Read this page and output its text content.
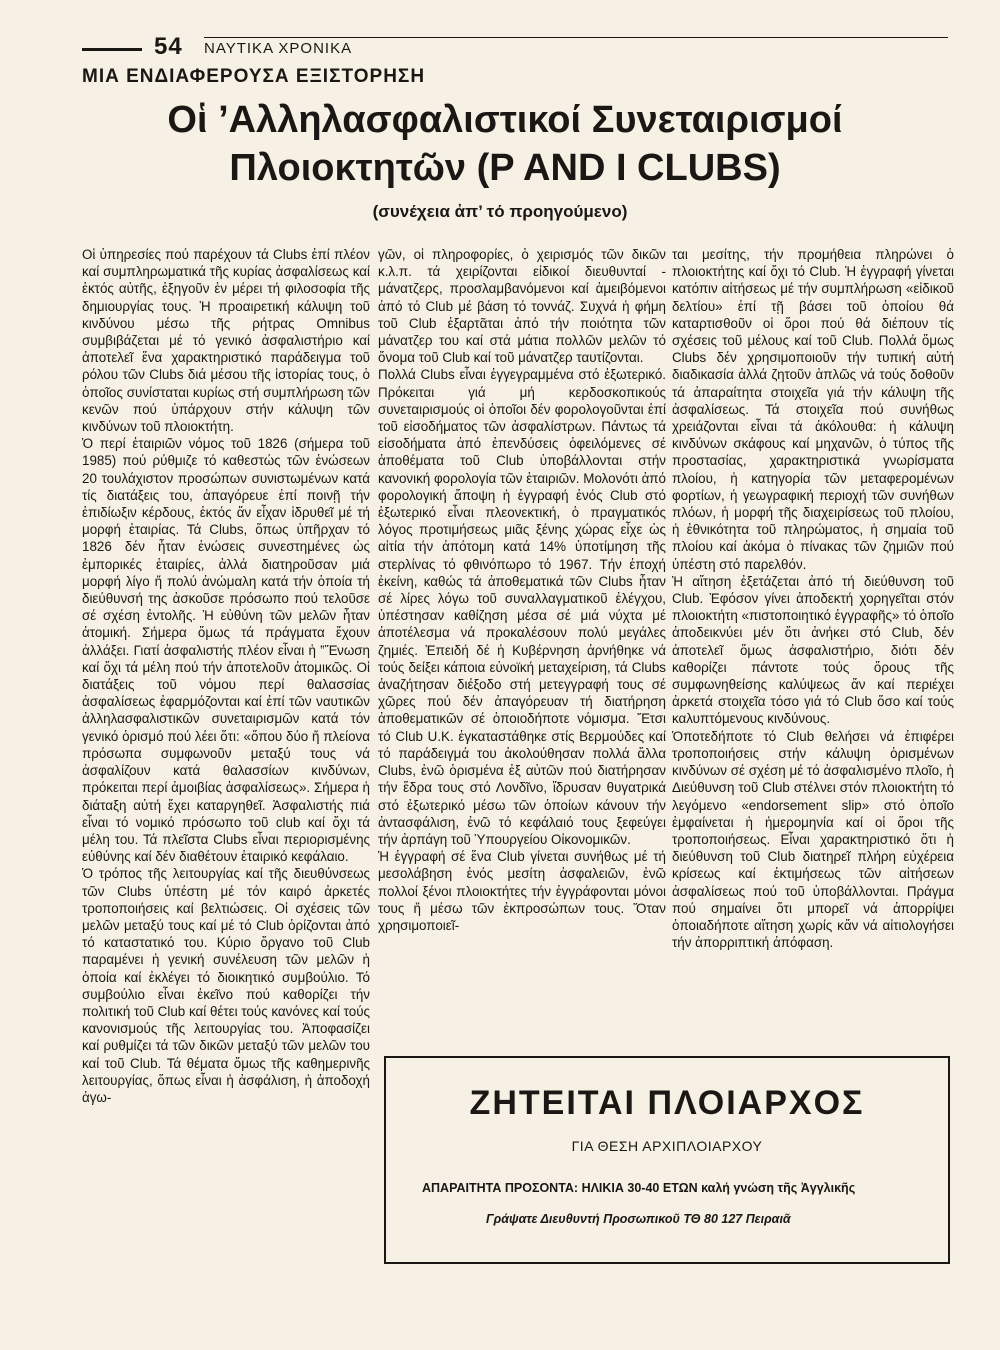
54 ΝΑΥΤΙΚΑ ΧΡΟΝΙΚΑ
ΜΙΑ ΕΝΔΙΑΦΕΡΟΥΣΑ ΕΞΙΣΤΟΡΗΣΗ
Οἱ ’Αλληλασφαλιστικοί Συνεταιρισμοί
Πλοιοκτητῶν (P AND I CLUBS)
(συνέχεια ἀπ’ τό προηγούμενο)

Οἱ ὑπηρεσίες πού παρέχουν τά Clubs ἐπί πλέον καί συμπληρωματικά τῆς κυρίας ἀσφαλίσεως καί ἐκτός αὐτῆς, ἐξηγοῦν ἐν μέρει τή φιλοσοφία τῆς δημιουργίας τους. Ἡ προαιρετική κάλυψη τοῦ κινδύνου μέσω τῆς ρήτρας Omnibus συμβιβάζεται μέ τό γενικό ἀσφαλιστήριο καί ἀποτελεῖ ἕνα χαρακτηριστικό παράδειγμα τοῦ ρόλου τῶν Clubs διά μέσου τῆς ἱστορίας τους, ὁ ὁποῖος συνίσταται κυρίως στή συμπλήρωση τῶν κενῶν πού ὑπάρχουν στήν κάλυψη τῶν κινδύνων τοῦ πλοιοκτήτη.

Ὁ περί ἑταιριῶν νόμος τοῦ 1826 (σήμερα τοῦ 1985) πού ρύθμιζε τό καθεστώς τῶν ἑνώσεων 20 τουλάχιστον προσώπων συνιστωμένων κατά τίς διατάξεις του, ἀπαγόρευε ἐπί ποινῇ τήν ἐπιδίωξιν κέρδους, ἐκτός ἄν εἶχαν ἱδρυθεῖ μέ τή μορφή ἑταιρίας. Τά Clubs, ὅπως ὑπῆρχαν τό 1826 δέν ἦταν ἑνώσεις συνεστημένες ὡς ἐμπορικές ἑταιρίες, ἀλλά διατηροῦσαν μιά μορφή λίγο ἤ πολύ ἀνώμαλη κατά τήν ὁποία τή διεύθυνσή της ἀσκοῦσε πρόσωπο πού τελοῦσε σέ σχέση ἐντολῆς. Ἡ εὐθύνη τῶν μελῶν ἦταν ἀτομική. Σήμερα ὅμως τά πράγματα ἔχουν ἀλλάξει. Γιατί ἀσφαλιστής πλέον εἶναι ἡ ‟Ἕνωση καί ὄχι τά μέλη πού τήν ἀποτελοῦν ἀτομικῶς. Οἱ διατάξεις τοῦ νόμου περί θαλασσίας ἀσφαλίσεως ἐφαρμόζονται καί ἐπί τῶν ναυτικῶν ἀλληλασφαλιστικῶν συνεταιρισμῶν κατά τόν γενικό ὁρισμό πού λέει ὅτι: «ὅπου δύο ἤ πλείονα πρόσωπα συμφωνοῦν μεταξύ τους νά ἀσφαλίζουν κατά θαλασσίων κινδύνων, πρόκειται περί ἀμοιβίας ἀσφαλίσεως». Σήμερα ἡ διάταξη αὐτή ἔχει καταργηθεῖ. Ἀσφαλιστής πιά εἶναι τό νομικό πρόσωπο τοῦ club καί ὄχι τά μέλη του. Τά πλεῖστα Clubs εἶναι περιορισμένης εὐθύνης καί δέν διαθέτουν ἑταιρικό κεφάλαιο.

Ὁ τρόπος τῆς λειτουργίας καί τῆς διευθύνσεως τῶν Clubs ὑπέστη μέ τόν καιρό ἀρκετές τροποποιήσεις καί βελτιώσεις. Οἱ σχέσεις τῶν μελῶν μεταξύ τους καί μέ τό Club ὁρίζονται ἀπό τό καταστατικό του. Κύριο ὄργανο τοῦ Club παραμένει ἡ γενική συνέλευση τῶν μελῶν ἡ ὁποία καί ἐκλέγει τό διοικητικό συμβούλιο. Τό συμβούλιο εἶναι ἐκεῖνο πού καθορίζει τήν πολιτική τοῦ Club καί θέτει τούς κανόνες καί τούς κανονισμούς τῆς λειτουργίας του. Ἀποφασίζει καί ρυθμίζει τά τῶν δικῶν μεταξύ τῶν μελῶν του καί τοῦ Club. Τά θέματα ὅμως τῆς καθημερινῆς λειτουργίας, ὅπως εἶναι ἡ ἀσφάλιση, ἡ ἀποδοχή ἀγω-

γῶν, οἱ πληροφορίες, ὁ χειρισμός τῶν δικῶν κ.λ.π. τά χειρίζονται εἰδικοί διευθυνταί - μάνατζερς, προσλαμβανόμενοι καί ἀμειβόμενοι ἀπό τό Club μέ βάση τό τοννάζ. Συχνά ἡ φήμη τοῦ Club ἐξαρτᾶται ἀπό τήν ποιότητα τῶν μάνατζερ του καί στά μάτια πολλῶν μελῶν τό ὄνομα τοῦ Club καί τοῦ μάνατζερ ταυτίζονται.

Πολλά Clubs εἶναι ἐγγεγραμμένα στό ἐξωτερικό. Πρόκειται γιά μή κερδοσκοπικούς συνεταιρισμούς οἱ ὁποῖοι δέν φορολογοῦνται ἐπί τοῦ εἰσοδήματος τῶν ἀσφαλίστρων. Πάντως τά εἰσοδήματα ἀπό ἐπενδύσεις ὀφειλόμενες σέ ἀποθέματα τοῦ Club ὑποβάλλονται στήν κανονική φορολογία τῶν ἑταιριῶν. Μολονότι ἀπό φορολογική ἄποψη ἡ ἐγγραφή ἑνός Club στό ἐξωτερικό εἶναι πλεονεκτική, ὁ πραγματικός λόγος προτιμήσεως μιᾶς ξένης χώρας εἶχε ὡς αἰτία τήν ἀπότομη κατά 14% ὑποτίμηση τῆς στερλίνας τό φθινόπωρο τό 1967. Τήν ἐποχή ἐκείνη, καθώς τά ἀποθεματικά τῶν Clubs ἦταν σέ λίρες λόγω τοῦ συναλλαγματικοῦ ἐλέγχου, ὑπέστησαν καθίζηση μέσα σέ μιά νύχτα μέ ἀποτέλεσμα νά προκαλέσουν πολύ μεγάλες ζημιές. Ἐπειδή δέ ἡ Κυβέρνηση ἀρνήθηκε νά τούς δείξει κάποια εὐνοϊκή μεταχείριση, τά Clubs ἀναζήτησαν διέξοδο στή μετεγγραφή τους σέ χῶρες πού δέν ἀπαγόρευαν τή διατήρηση ἀποθεματικῶν σέ ὁποιοδήποτε νόμισμα. Ἔτσι τό Club U.K. ἐγκαταστάθηκε στίς Βερμούδες καί τό παράδειγμά του ἀκολούθησαν πολλά ἄλλα Clubs, ἐνῶ ὁρισμένα ἐξ αὐτῶν πού διατήρησαν τήν ἕδρα τους στό Λονδῖνο, ἵδρυσαν θυγατρικά στό ἐξωτερικό μέσω τῶν ὁποίων κάνουν τήν ἀντασφάλιση, ἐνῶ τό κεφάλαιό τους ξεφεύγει τήν ἀρπάγη τοῦ Ὑπουργείου Οἰκονομικῶν.

Ἡ ἐγγραφή σέ ἕνα Club γίνεται συνήθως μέ τή μεσολάβηση ἑνός μεσίτη ἀσφαλειῶν, ἐνῶ πολλοί ξένοι πλοιοκτήτες τήν ἐγγράφονται μόνοι τους ἤ μέσω τῶν ἐκπροσώπων τους. Ὅταν χρησιμοποιεῖ-

ται μεσίτης, τήν προμήθεια πληρώνει ὁ πλοιοκτήτης καί ὄχι τό Club. Ἡ ἐγγραφή γίνεται κατόπιν αἰτήσεως μέ τήν συμπλήρωση «εἰδικοῦ δελτίου» ἐπί τῇ βάσει τοῦ ὁποίου θά καταρτισθοῦν οἱ ὅροι πού θά διέπουν τίς σχέσεις τοῦ μέλους καί τοῦ Club. Πολλά ὅμως Clubs δέν χρησιμοποιοῦν τήν τυπική αὐτή διαδικασία ἀλλά ζητοῦν ἁπλῶς νά τούς δοθοῦν τά ἀπαραίτητα στοιχεῖα γιά τήν κάλυψη τῆς ἀσφαλίσεως. Τά στοιχεῖα πού συνήθως χρειάζονται εἶναι τά ἀκόλουθα: ἡ κάλυψη κινδύνων σκάφους καί μηχανῶν, ὁ τύπος τῆς προστασίας, χαρακτηριστικά γνωρίσματα πλοίου, ἡ κατηγορία τῶν μεταφερομένων φορτίων, ἡ γεωγραφική περιοχή τῶν συνήθων πλόων, ἡ μορφή τῆς διαχειρίσεως τοῦ πλοίου, ἡ ἐθνικότητα τοῦ πληρώματος, ἡ σημαία τοῦ πλοίου καί ἀκόμα ὁ πίνακας τῶν ζημιῶν πού ὑπέστη στό παρελθόν.

Ἡ αἴτηση ἐξετάζεται ἀπό τή διεύθυνση τοῦ Club. Ἐφόσον γίνει ἀποδεκτή χορηγεῖται στόν πλοιοκτήτη «πιστοποιητικό ἐγγραφῆς» τό ὁποῖο ἀποδεικνύει μέν ὅτι ἀνήκει στό Club, δέν ἀποτελεῖ ὅμως ἀσφαλιστήριο, διότι δέν καθορίζει πάντοτε τούς ὅρους τῆς συμφωνηθείσης καλύψεως ἄν καί περιέχει ἀρκετά στοιχεῖα τόσο γιά τό Club ὅσο καί τούς καλυπτόμενους κινδύνους.

Ὁποτεδήποτε τό Club θελήσει νά ἐπιφέρει τροποποιήσεις στήν κάλυψη ὁρισμένων κινδύνων σέ σχέση μέ τό ἀσφαλισμένο πλοῖο, ἡ Διεύθυνση τοῦ Club στέλνει στόν πλοιοκτήτη τό λεγόμενο «endorsement slip» στό ὁποῖο ἐμφαίνεται ἡ ἡμερομηνία καί οἱ ὅροι τῆς τροποποιήσεως. Εἶναι χαρακτηριστικό ὅτι ἡ διεύθυνση τοῦ Club διατηρεῖ πλήρη εὐχέρεια κρίσεως καί ἐκτιμήσεως τῶν αἰτήσεων ἀσφαλίσεως πού τοῦ ὑποβάλλονται. Πράγμα πού σημαίνει ὅτι μπορεῖ νά ἀπορρίψει ὁποιαδήποτε αἴτηση χωρίς κἄν νά αἰτιολογήσει τήν ἀπορριπτική ἀπόφαση.

ΖΗΤΕΙΤΑΙ ΠΛΟΙΑΡΧΟΣ
ΓΙΑ ΘΕΣΗ ΑΡΧΙΠΛΟΙΑΡΧΟΥ
ΑΠΑΡΑΙΤΗΤΑ ΠΡΟΣΟΝΤΑ: ΗΛΙΚΙΑ 30-40 ΕΤΩΝ καλή γνώση τῆς Ἀγγλικῆς
Γράψατε Διευθυντή Προσωπικοῦ ΤΘ 80 127 Πειραιᾶ
